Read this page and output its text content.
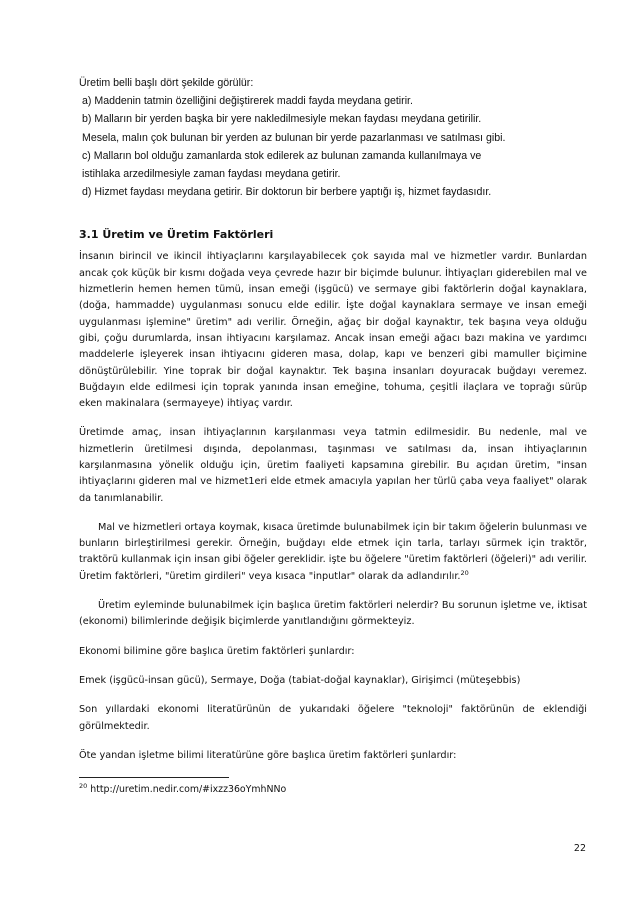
Üretim belli başlı dört şekilde görülür:

a) Maddenin tatmin özelliğini değiştirerek maddi fayda meydana getirir.

b) Malların bir yerden başka bir yere nakledilmesiyle mekan faydası meydana getirilir.

Mesela, malın çok bulunan bir yerden az bulunan bir yerde pazarlanması ve satılması gibi.

c) Malların bol olduğu zamanlarda stok edilerek az bulunan zamanda kullanılmaya ve

istihlaka arzedilmesiyle zaman faydası meydana getirir.

d) Hizmet faydası meydana getirir. Bir doktorun bir berbere yaptığı iş, hizmet faydasıdır.

3.1 Üretim ve Üretim Faktörleri

İnsanın birincil ve ikincil ihtiyaçlarını karşılayabilecek çok sayıda mal ve hizmetler vardır. Bunlardan ancak çok küçük bir kısmı doğada veya çevrede hazır bir biçimde bulunur. İhtiyaçları giderebilen mal ve hizmetlerin hemen hemen tümü, insan emeği (işgücü) ve sermaye gibi faktörlerin doğal kaynaklara, (doğa, hammadde) uygulanması sonucu elde edilir. İşte doğal kaynaklara sermaye ve insan emeği uygulanması işlemine" üretim" adı verilir. Örneğin, ağaç bir doğal kaynaktır, tek başına veya olduğu gibi, çoğu durumlarda, insan ihtiyacını karşılamaz. Ancak insan emeği ağacı bazı makina ve yardımcı maddelerle işleyerek insan ihtiyacını gideren masa, dolap, kapı ve benzeri gibi mamuller biçimine dönüştürülebilir. Yine toprak bir doğal kaynaktır. Tek başına insanları doyuracak buğdayı veremez. Buğdayın elde edilmesi için toprak yanında insan emeğine, tohuma, çeşitli ilaçlara ve toprağı sürüp eken makinalara (sermayeye) ihtiyaç vardır.

Üretimde amaç, insan ihtiyaçlarının karşılanması veya tatmin edilmesidir. Bu nedenle, mal ve hizmetlerin üretilmesi dışında, depolanması, taşınması ve satılması da, insan ihtiyaçlarının karşılanmasına yönelik olduğu için, üretim faaliyeti kapsamına girebilir. Bu açıdan üretim, "insan ihtiyaçlarını gideren mal ve hizmet1eri elde etmek amacıyla yapılan her türlü çaba veya faaliyet" olarak da tanımlanabilir.

Mal ve hizmetleri ortaya koymak, kısaca üretimde bulunabilmek için bir takım öğelerin bulunması ve bunların birleştirilmesi gerekir. Örneğin, buğdayı elde etmek için tarla, tarlayı sürmek için traktör, traktörü kullanmak için insan gibi öğeler gereklidir. işte bu öğelere "üretim faktörleri (öğeleri)" adı verilir. Üretim faktörleri, "üretim girdileri" veya kısaca "inputlar" olarak da adlandırılır.$^{20}$

Üretim eyleminde bulunabilmek için başlıca üretim faktörleri nelerdir? Bu sorunun işletme ve, iktisat (ekonomi) bilimlerinde değişik biçimlerde yanıtlandığını görmekteyiz.

Ekonomi bilimine göre başlıca üretim faktörleri şunlardır:

Emek (işgücü-insan gücü), Sermaye, Doğa (tabiat-doğal kaynaklar), Girişimci (müteşebbis)

Son yıllardaki ekonomi literatürünün de yukarıdaki öğelere "teknoloji" faktörünün de eklendiği görülmektedir.

Öte yandan işletme bilimi literatürüne göre başlıca üretim faktörleri şunlardır:

$^{20}$ http://uretim.nedir.com/#ixzz36oYmhNNo
22
